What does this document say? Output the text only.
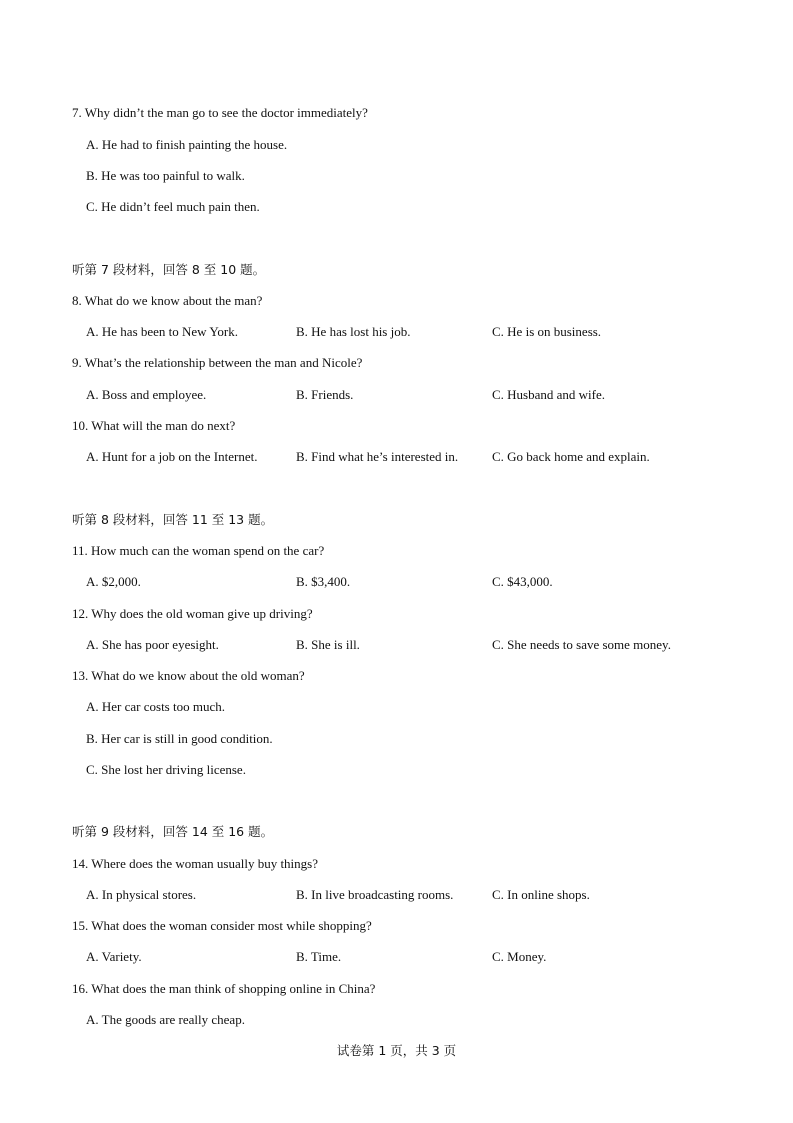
7. Why didn’t the man go to see the doctor immediately?
A. He had to finish painting the house.
B. He was too painful to walk.
C. He didn’t feel much pain then.
听第 7 段材料，回答 8 至 10 题。
8. What do we know about the man?
A. He has been to New York.	B. He has lost his job.	C. He is on business.
9. What’s the relationship between the man and Nicole?
A. Boss and employee.	B. Friends.	C. Husband and wife.
10. What will the man do next?
A. Hunt for a job on the Internet.	B. Find what he’s interested in.	C. Go back home and explain.
听第 8 段材料，回答 11 至 13 题。
11. How much can the woman spend on the car?
A. $2,000.	B. $3,400.	C. $43,000.
12. Why does the old woman give up driving?
A. She has poor eyesight.	B. She is ill.	C. She needs to save some money.
13. What do we know about the old woman?
A. Her car costs too much.
B. Her car is still in good condition.
C. She lost her driving license.
听第 9 段材料，回答 14 至 16 题。
14. Where does the woman usually buy things?
A. In physical stores.	B. In live broadcasting rooms.	C. In online shops.
15. What does the woman consider most while shopping?
A. Variety.	B. Time.	C. Money.
16. What does the man think of shopping online in China?
A. The goods are really cheap.
试卷第 1 页，共 3 页
